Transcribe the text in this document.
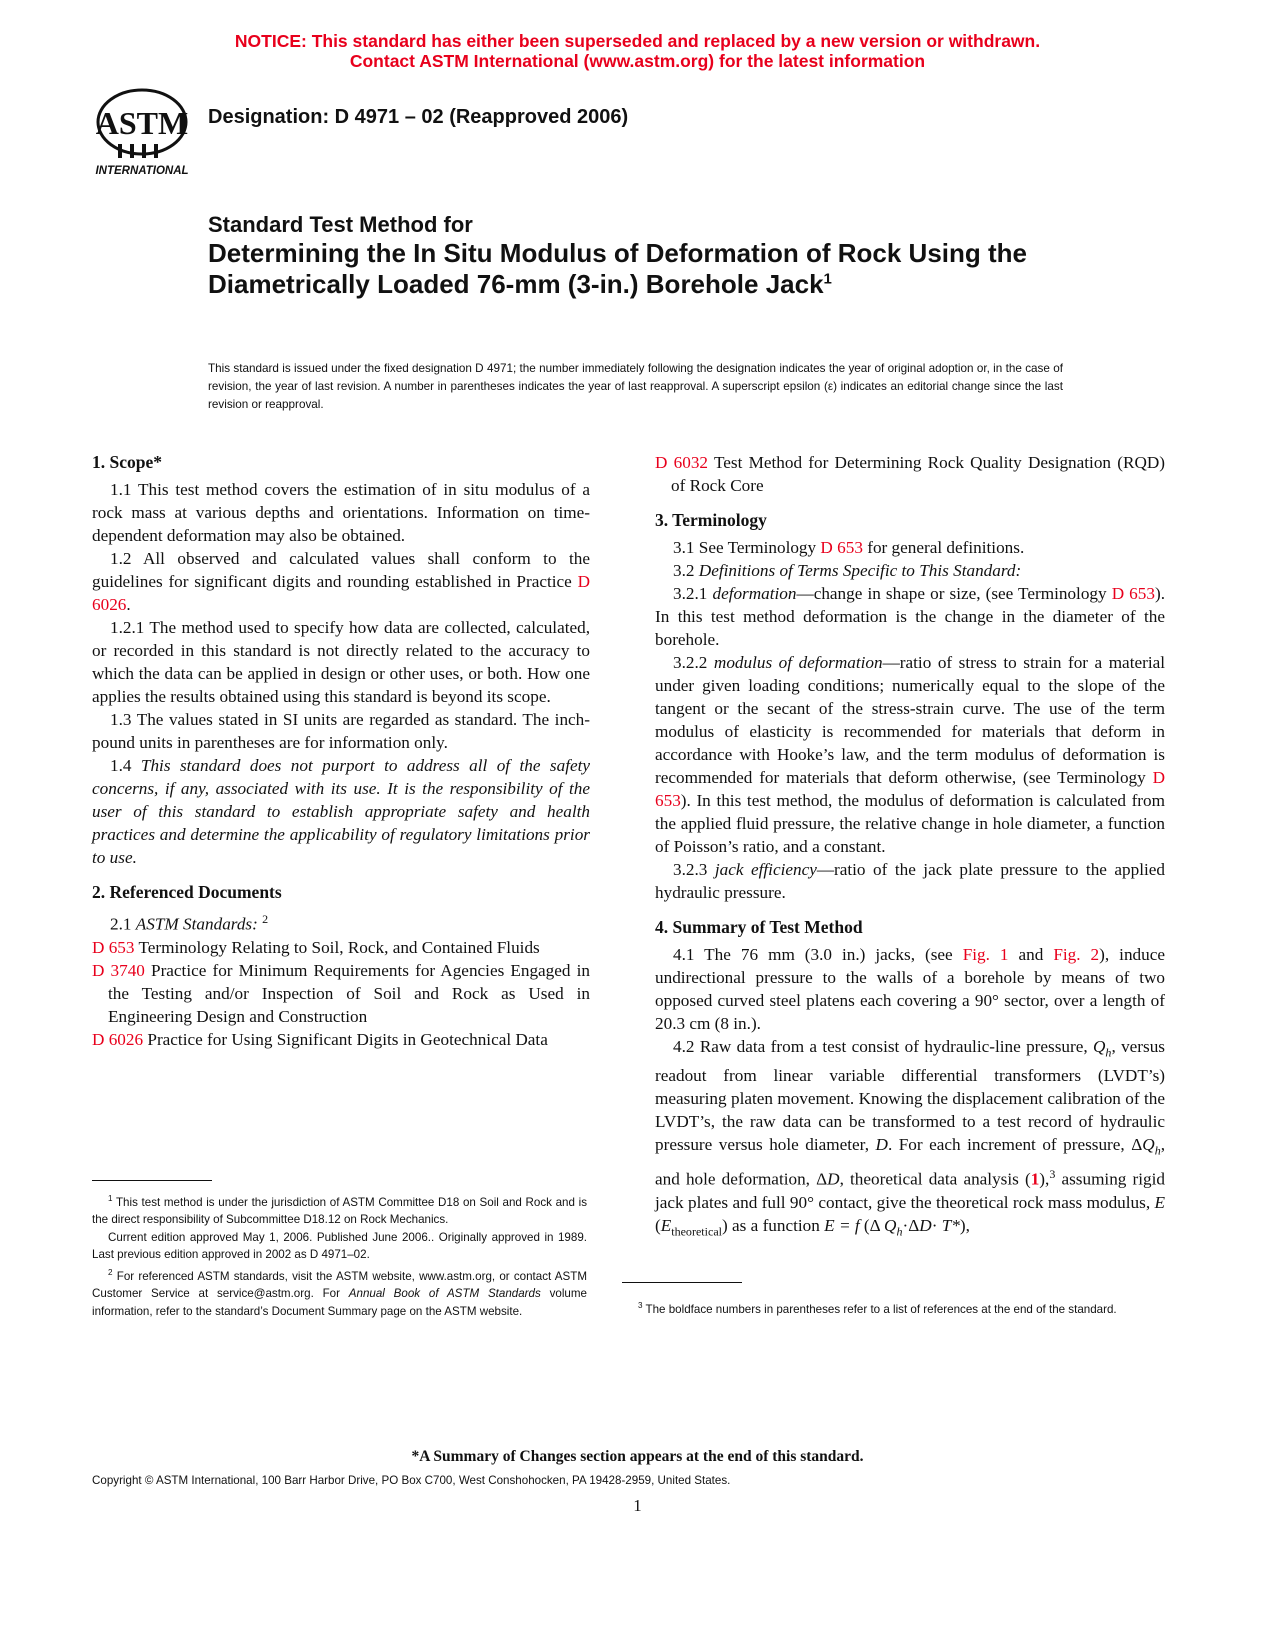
NOTICE: This standard has either been superseded and replaced by a new version or withdrawn.
Contact ASTM International (www.astm.org) for the latest information
ASTM
INTERNATIONAL
Designation: D 4971 – 02 (Reapproved 2006)
Standard Test Method for
Determining the In Situ Modulus of Deformation of Rock Using the Diametrically Loaded 76-mm (3-in.) Borehole Jack$^1$
This standard is issued under the fixed designation D 4971; the number immediately following the designation indicates the year of original adoption or, in the case of revision, the year of last revision. A number in parentheses indicates the year of last reapproval. A superscript epsilon (ε) indicates an editorial change since the last revision or reapproval.
1. Scope*

1.1 This test method covers the estimation of in situ modulus of a rock mass at various depths and orientations. Information on time-dependent deformation may also be obtained.

1.2 All observed and calculated values shall conform to the guidelines for significant digits and rounding established in Practice D 6026.

1.2.1 The method used to specify how data are collected, calculated, or recorded in this standard is not directly related to the accuracy to which the data can be applied in design or other uses, or both. How one applies the results obtained using this standard is beyond its scope.

1.3 The values stated in SI units are regarded as standard. The inch-pound units in parentheses are for information only.

1.4 This standard does not purport to address all of the safety concerns, if any, associated with its use. It is the responsibility of the user of this standard to establish appropriate safety and health practices and determine the applicability of regulatory limitations prior to use.

2. Referenced Documents

2.1 ASTM Standards: $^2$

D 653 Terminology Relating to Soil, Rock, and Contained Fluids

D 3740 Practice for Minimum Requirements for Agencies Engaged in the Testing and/or Inspection of Soil and Rock as Used in Engineering Design and Construction

D 6026 Practice for Using Significant Digits in Geotechnical Data

$^1$ This test method is under the jurisdiction of ASTM Committee D18 on Soil and Rock and is the direct responsibility of Subcommittee D18.12 on Rock Mechanics.

Current edition approved May 1, 2006. Published June 2006.. Originally approved in 1989. Last previous edition approved in 2002 as D 4971–02.

$^2$ For referenced ASTM standards, visit the ASTM website, www.astm.org, or contact ASTM Customer Service at service@astm.org. For Annual Book of ASTM Standards volume information, refer to the standard’s Document Summary page on the ASTM website.

D 6032 Test Method for Determining Rock Quality Designation (RQD) of Rock Core

3. Terminology

3.1 See Terminology D 653 for general definitions.

3.2 Definitions of Terms Specific to This Standard:

3.2.1 deformation—change in shape or size, (see Terminology D 653). In this test method deformation is the change in the diameter of the borehole.

3.2.2 modulus of deformation—ratio of stress to strain for a material under given loading conditions; numerically equal to the slope of the tangent or the secant of the stress-strain curve. The use of the term modulus of elasticity is recommended for materials that deform in accordance with Hooke’s law, and the term modulus of deformation is recommended for materials that deform otherwise, (see Terminology D 653). In this test method, the modulus of deformation is calculated from the applied fluid pressure, the relative change in hole diameter, a function of Poisson’s ratio, and a constant.

3.2.3 jack efficiency—ratio of the jack plate pressure to the applied hydraulic pressure.

4. Summary of Test Method

4.1 The 76 mm (3.0 in.) jacks, (see Fig. 1 and Fig. 2), induce undirectional pressure to the walls of a borehole by means of two opposed curved steel platens each covering a 90° sector, over a length of 20.3 cm (8 in.).

4.2 Raw data from a test consist of hydraulic-line pressure, $Q_h$, versus readout from linear variable differential transformers (LVDT’s) measuring platen movement. Knowing the displacement calibration of the LVDT’s, the raw data can be transformed to a test record of hydraulic pressure versus hole diameter, D. For each increment of pressure, $\Delta Q_h$, and hole deformation, ΔD, theoretical data analysis (1),$^3$ assuming rigid jack plates and full 90° contact, give the theoretical rock mass modulus, E $(E_{theoretical})$ as a function E = f (Δ $Q_h\cdot\Delta D\cdot T*$),

$^3$ The boldface numbers in parentheses refer to a list of references at the end of the standard.

*A Summary of Changes section appears at the end of this standard.
Copyright © ASTM International, 100 Barr Harbor Drive, PO Box C700, West Conshohocken, PA 19428-2959, United States.
1
